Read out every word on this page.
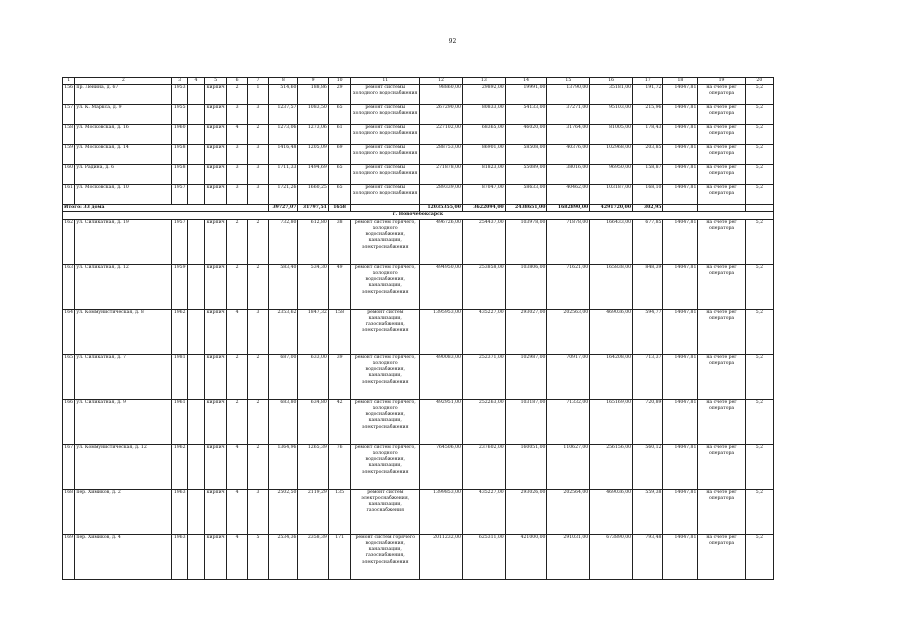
92
1	2	3	4	5	6	7	8	9	10	11	12	13	14	15	16	17	18	19	20
156	пр. Ленина, д. 67	1953		кирпич	2	1	514,60	188,86	29	ремонт системы холодного водоснабжения	98860,00	29892,00	19991,00	13790,00	35181,00	191,72	14047,81	на счете рег оператора	5,2
157	ул. К. Маркса, д. 9	1955		кирпич	3	3	1237,57	1083,50	65	ремонт системы холодного водоснабжения	267290,00	80833,00	54133,00	37271,00	95103,00	215,96	14047,81	на счете рег оператора	5,2
158	ул. Московская, д. 16	1960		кирпич	4	2	1273,06	1273,06	61	ремонт системы холодного водоснабжения	227102,00	68365,00	46020,00	31764,00	81005,00	178,43	14047,81	на счете рег оператора	5,2
159	ул. Московская, д. 14	1958		кирпич	3	3	1416,48	1205,09	69	ремонт системы холодного водоснабжения	288753,00	86901,00	58508,00	40376,00	102968,00	203,85	14047,81	на счете рег оператора	5,2
160	ул. Радина, д. 6	1958		кирпич	3	3	1711,33	1494,69	65	ремонт системы холодного водоснабжения	271878,00	81823,00	55089,00	38016,00	96950,00	158,87	14047,81	на счете рег оператора	5,2
161	ул. Московская, д. 10	1957		кирпич	3	3	1721,26	1660,25	65	ремонт системы холодного водоснабжения	289339,00	87047,00	58633,00	40462,00	103187,00	168,10	14047,81	на счете рег оператора	5,2
Итого: 33 дома							39727,07	31797,51	1658		12035355,00	3622094,00	2438651,00	1682890,00	4291720,00	302,95			
г. Новочебоксарск																			
162	ул. Силикатная, д. 19	1957		кирпич	2	2	732,80	612,80	38	ремонт систем горячего, холодного водоснабжения, канализации, электроснабжения	496726,00	254437,00	103978,00	71878,00	166433,00	677,85	14047,81	на счете рег оператора	5,2
163	ул. Силикатная, д. 12	1959		кирпич	2	2	583,40	534,30	49	ремонт систем горячего, холодного водоснабжения, канализации, электроснабжения	494950,00	253858,00	103806,00	71621,00	165838,00	848,39	14047,81	на счете рег оператора	5,2
164	ул. Коммунистическая, д. 8	1962		кирпич	4	3	2353,62	1847,32	158	ремонт систем канализации, газоснабжения, электроснабжения	1395953,00	435227,00	293027,00	202563,00	469036,00	594,77	14047,81	на счете рег оператора	5,2
165	ул. Силикатная, д. 7	1981		кирпич	2	2	687,00	633,00	39	ремонт систем горячего, холодного водоснабжения, канализации, электроснабжения	490083,00	252371,00	102987,00	70917,00	164208,00	713,37	14047,81	на счете рег оператора	5,2
166	ул. Силикатная, д. 9	1961		кирпич	2	2	683,80	634,80	42	ремонт систем горячего, холодного водоснабжения, канализации, электроснабжения	492951,00	252263,00	103187,00	71332,00	165169,00	720,89	14047,81	на счете рег оператора	5,2
167	ул. Коммунистическая, д. 12	1962		кирпич	4	2	1364,96	1265,39	76	ремонт систем горячего, холодного водоснабжения, канализации, электроснабжения	764506,00	237602,00	160051,00	110627,00	256156,00	560,12	14047,81	на счете рег оператора	5,2
168	пер. Химиков, д. 2	1963		кирпич	4	3	2502,50	2119,29	135	ремонт систем электроснабжения, канализации, газоснабжения	1399853,00	435227,00	293026,00	202564,00	469036,00	559,38	14047,81	на счете рег оператора	5,2
169	пер. Химиков, д. 4	1963		кирпич	4	5	2534,36	2358,39	171	ремонт систем горячего водоснабжения, канализации, газоснабжения, электроснабжения	2011232,00	625311,00	421000,00	291031,00	673890,00	793,48	14047,81	на счете рег оператора	5,2
